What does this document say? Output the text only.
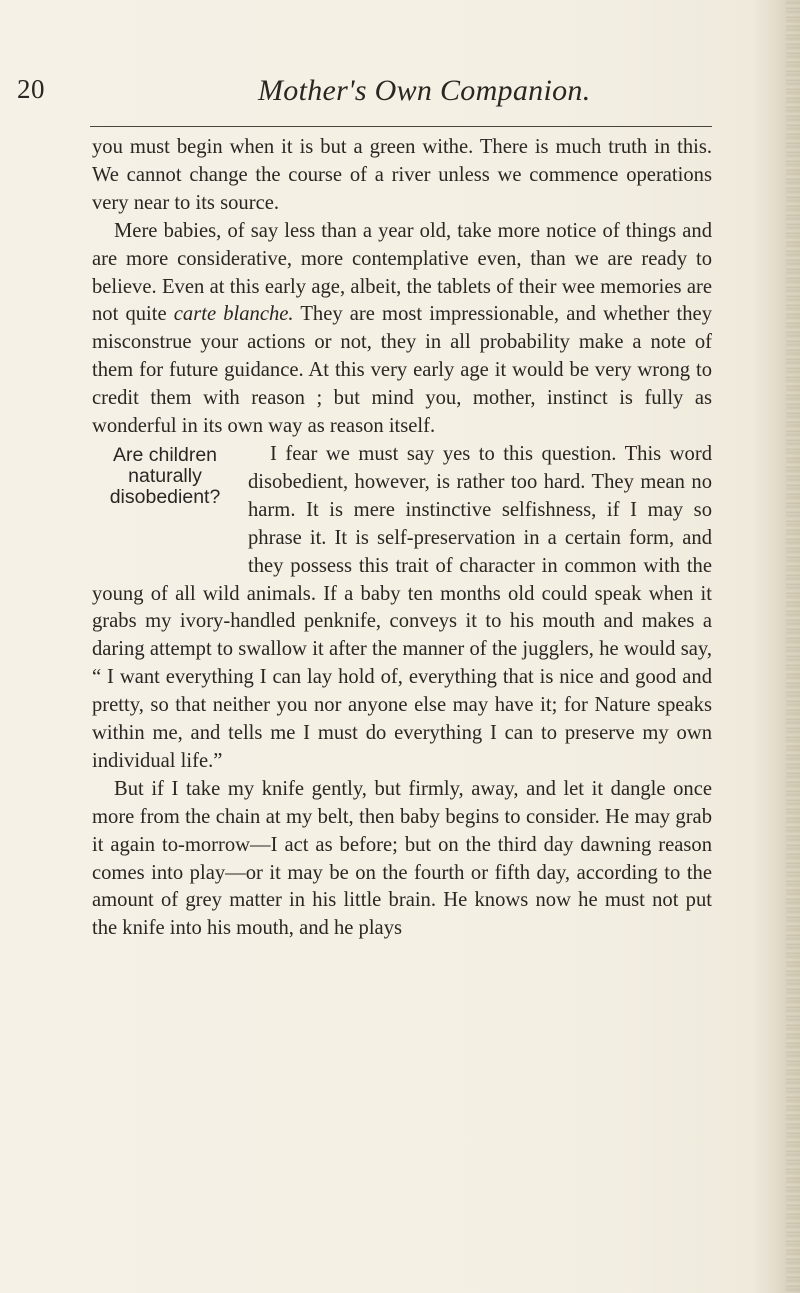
20	Mother's Own Companion.

you must begin when it is but a green withe. There is much truth in this. We cannot change the course of a river unless we commence operations very near to its source.

Mere babies, of say less than a year old, take more notice of things and are more considerative, more contemplative even, than we are ready to believe. Even at this early age, albeit, the tablets of their wee memories are not quite carte blanche. They are most impressionable, and whether they misconstrue your actions or not, they in all probability make a note of them for future guidance. At this very early age it would be very wrong to credit them with reason ; but mind you, mother, instinct is fully as wonderful in its own way as reason itself.

Are children
naturally
disobedient?
I fear we must say yes to this question. This word disobedient, however, is rather too hard. They mean no harm. It is mere instinctive selfishness, if I may so phrase it. It is self-preservation in a certain form, and they possess this trait of character in common with the young of all wild animals. If a baby ten months old could speak when it grabs my ivory-handled penknife, conveys it to his mouth and makes a daring attempt to swallow it after the manner of the jugglers, he would say, “ I want everything I can lay hold of, everything that is nice and good and pretty, so that neither you nor anyone else may have it; for Nature speaks within me, and tells me I must do everything I can to preserve my own individual life.”

But if I take my knife gently, but firmly, away, and let it dangle once more from the chain at my belt, then baby begins to consider. He may grab it again to-morrow—I act as before; but on the third day dawning reason comes into play—or it may be on the fourth or fifth day, according to the amount of grey matter in his little brain. He knows now he must not put the knife into his mouth, and he plays
